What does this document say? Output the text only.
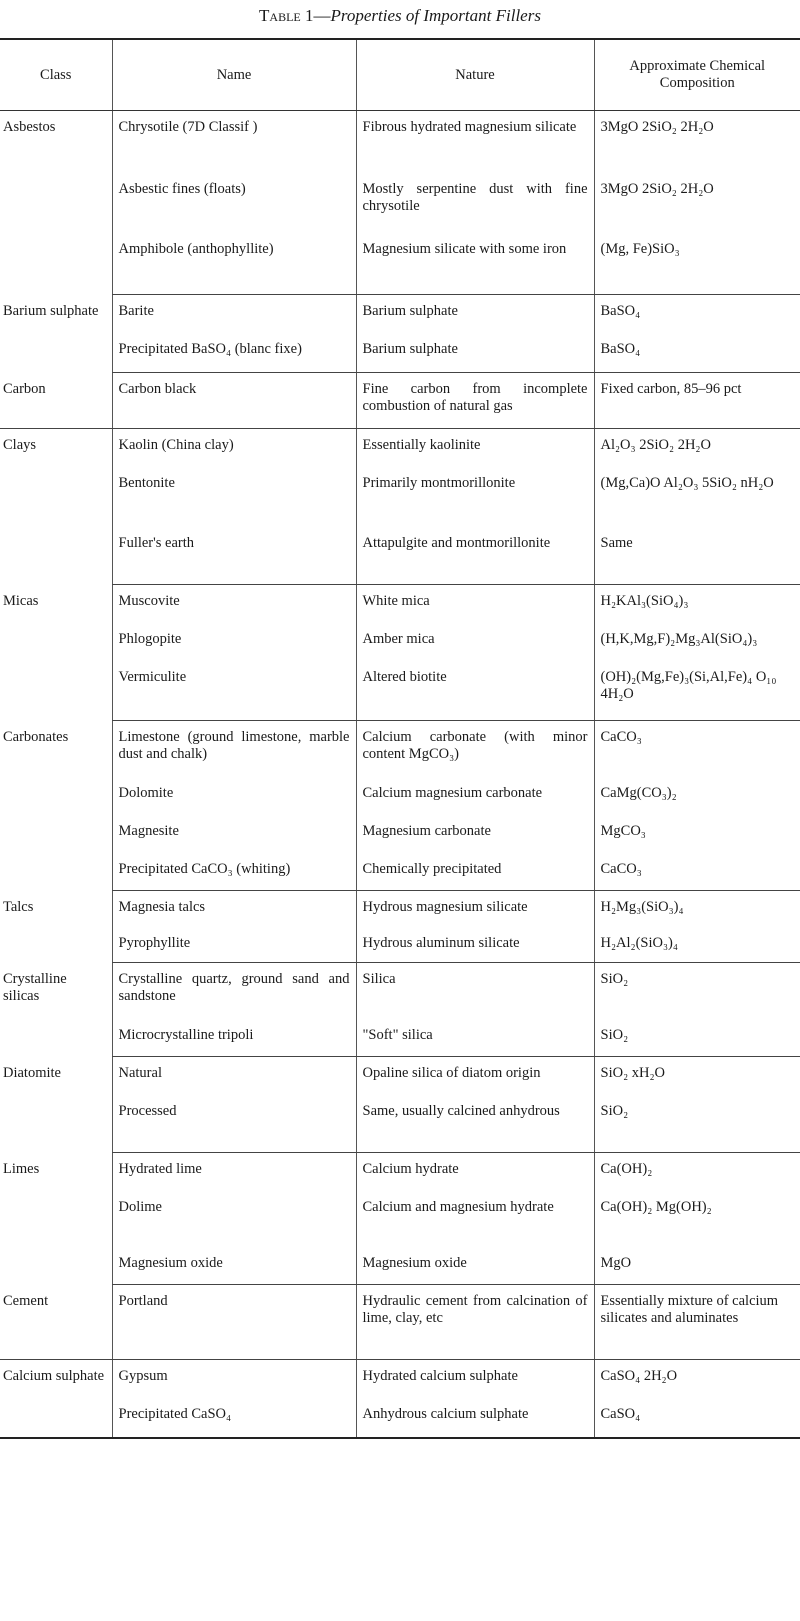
Table 1—Properties of Important Fillers
Class	Name	Nature	Approximate Chemical Composition
Asbestos	Chrysotile (7D Classif )	Fibrous hydrated magnesium silicate	3MgO 2SiO₂ 2H₂O
	Asbestic fines (floats)	Mostly serpentine dust with fine chrysotile	3MgO 2SiO₂ 2H₂O
	Amphibole (anthophyllite)	Magnesium silicate with some iron	(Mg, Fe)SiO₃
Barium sulphate	Barite	Barium sulphate	BaSO₄
	Precipitated BaSO₄ (blanc fixe)	Barium sulphate	BaSO₄
Carbon	Carbon black	Fine carbon from incomplete combustion of natural gas	Fixed carbon, 85–96 pct
Clays	Kaolin (China clay)	Essentially kaolinite	Al₂O₃ 2SiO₂ 2H₂O
	Bentonite	Primarily montmorillonite	(Mg,Ca)O Al₂O₃ 5SiO₂ nH₂O
	Fuller's earth	Attapulgite and montmorillonite	Same
Micas	Muscovite	White mica	H₂KAl₃(SiO₄)₃
	Phlogopite	Amber mica	(H,K,Mg,F)₂Mg₃Al(SiO₄)₃
	Vermiculite	Altered biotite	(OH)₂(Mg,Fe)₃(Si,Al,Fe)₄ O₁₀ 4H₂O
Carbonates	Limestone (ground limestone, marble dust and chalk)	Calcium carbonate (with minor content MgCO₃)	CaCO₃
	Dolomite	Calcium magnesium carbonate	CaMg(CO₃)₂
	Magnesite	Magnesium carbonate	MgCO₃
	Precipitated CaCO₃ (whiting)	Chemically precipitated	CaCO₃
Talcs	Magnesia talcs	Hydrous magnesium silicate	H₂Mg₃(SiO₃)₄
	Pyrophyllite	Hydrous aluminum silicate	H₂Al₂(SiO₃)₄
Crystalline silicas	Crystalline quartz, ground sand and sandstone	Silica	SiO₂
	Microcrystalline tripoli	"Soft" silica	SiO₂
Diatomite	Natural	Opaline silica of diatom origin	SiO₂ xH₂O
	Processed	Same, usually calcined anhydrous	SiO₂
Limes	Hydrated lime	Calcium hydrate	Ca(OH)₂
	Dolime	Calcium and magnesium hydrate	Ca(OH)₂ Mg(OH)₂
	Magnesium oxide	Magnesium oxide	MgO
Cement	Portland	Hydraulic cement from calcination of lime, clay, etc	Essentially mixture of calcium silicates and aluminates
Calcium sulphate	Gypsum	Hydrated calcium sulphate	CaSO₄ 2H₂O
	Precipitated CaSO₄	Anhydrous calcium sulphate	CaSO₄
